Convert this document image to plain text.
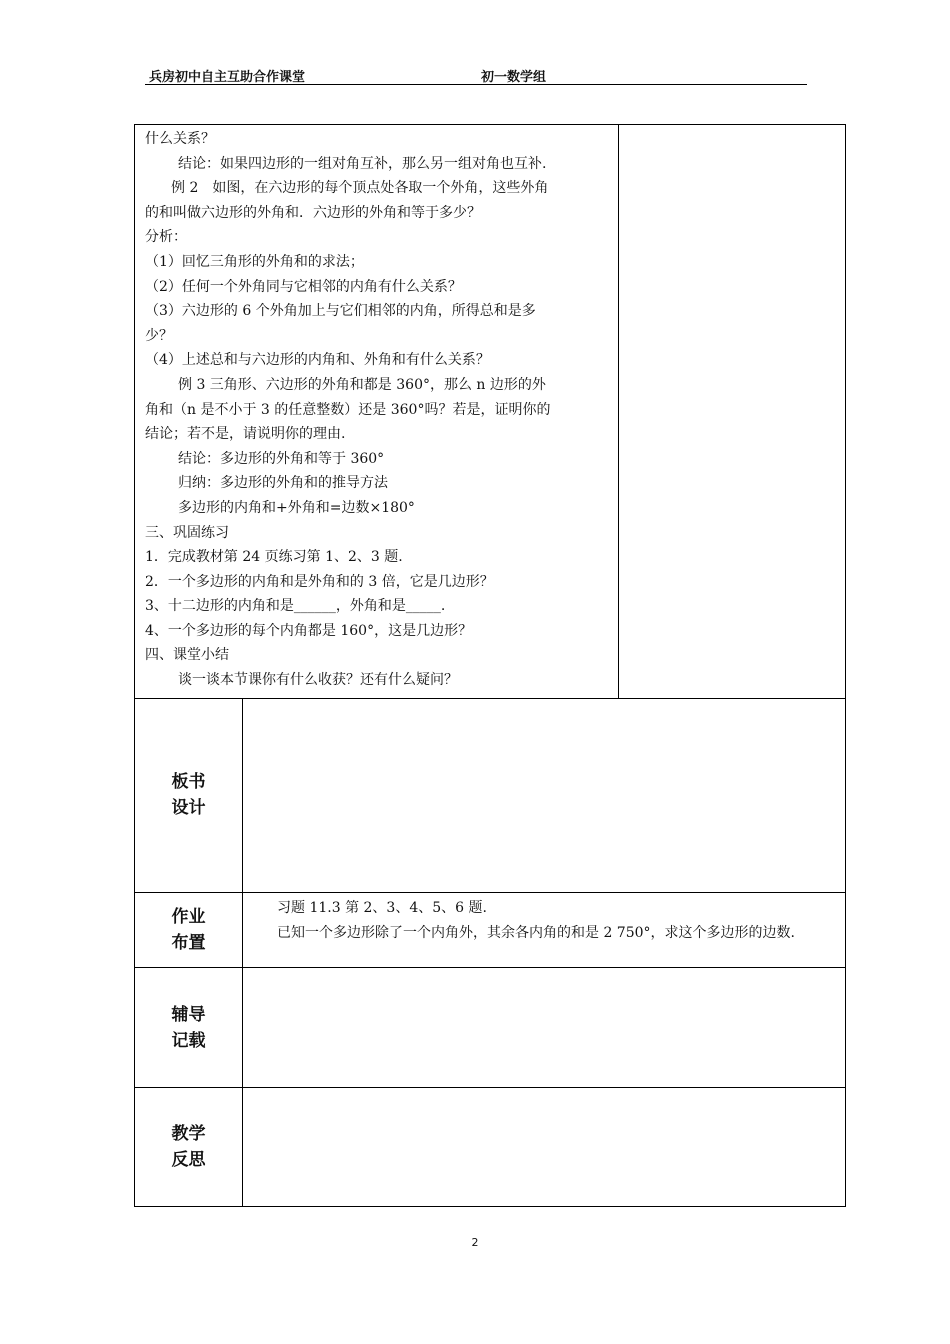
兵房初中自主互助合作课堂	初一数学组
什么关系？
结论：如果四边形的一组对角互补，那么另一组对角也互补.
例 2　如图，在六边形的每个顶点处各取一个外角，这些外角
的和叫做六边形的外角和．六边形的外角和等于多少？
分析：
（1）回忆三角形的外角和的求法；
（2）任何一个外角同与它相邻的内角有什么关系？
（3）六边形的 6 个外角加上与它们相邻的内角，所得总和是多
少？
（4）上述总和与六边形的内角和、外角和有什么关系？
例 3 三角形、六边形的外角和都是 360°，那么 n 边形的外
角和（n 是不小于 3 的任意整数）还是 360°吗？若是，证明你的
结论；若不是，请说明你的理由.
结论：多边形的外角和等于 360°
归纳：多边形的外角和的推导方法
多边形的内角和+外角和=边数×180°
三、巩固练习
1．完成教材第 24 页练习第 1、2、3 题.
2．一个多边形的内角和是外角和的 3 倍，它是几边形？
3、十二边形的内角和是______，外角和是_____.
4、一个多边形的每个内角都是 160°，这是几边形？
四、课堂小结
谈一谈本节课你有什么收获？还有什么疑问？
板书
设计
作业
布置
习题 11.3 第 2、3、4、5、6 题.
已知一个多边形除了一个内角外，其余各内角的和是 2 750°，求这个多边形的边数.
辅导
记载
教学
反思
2
